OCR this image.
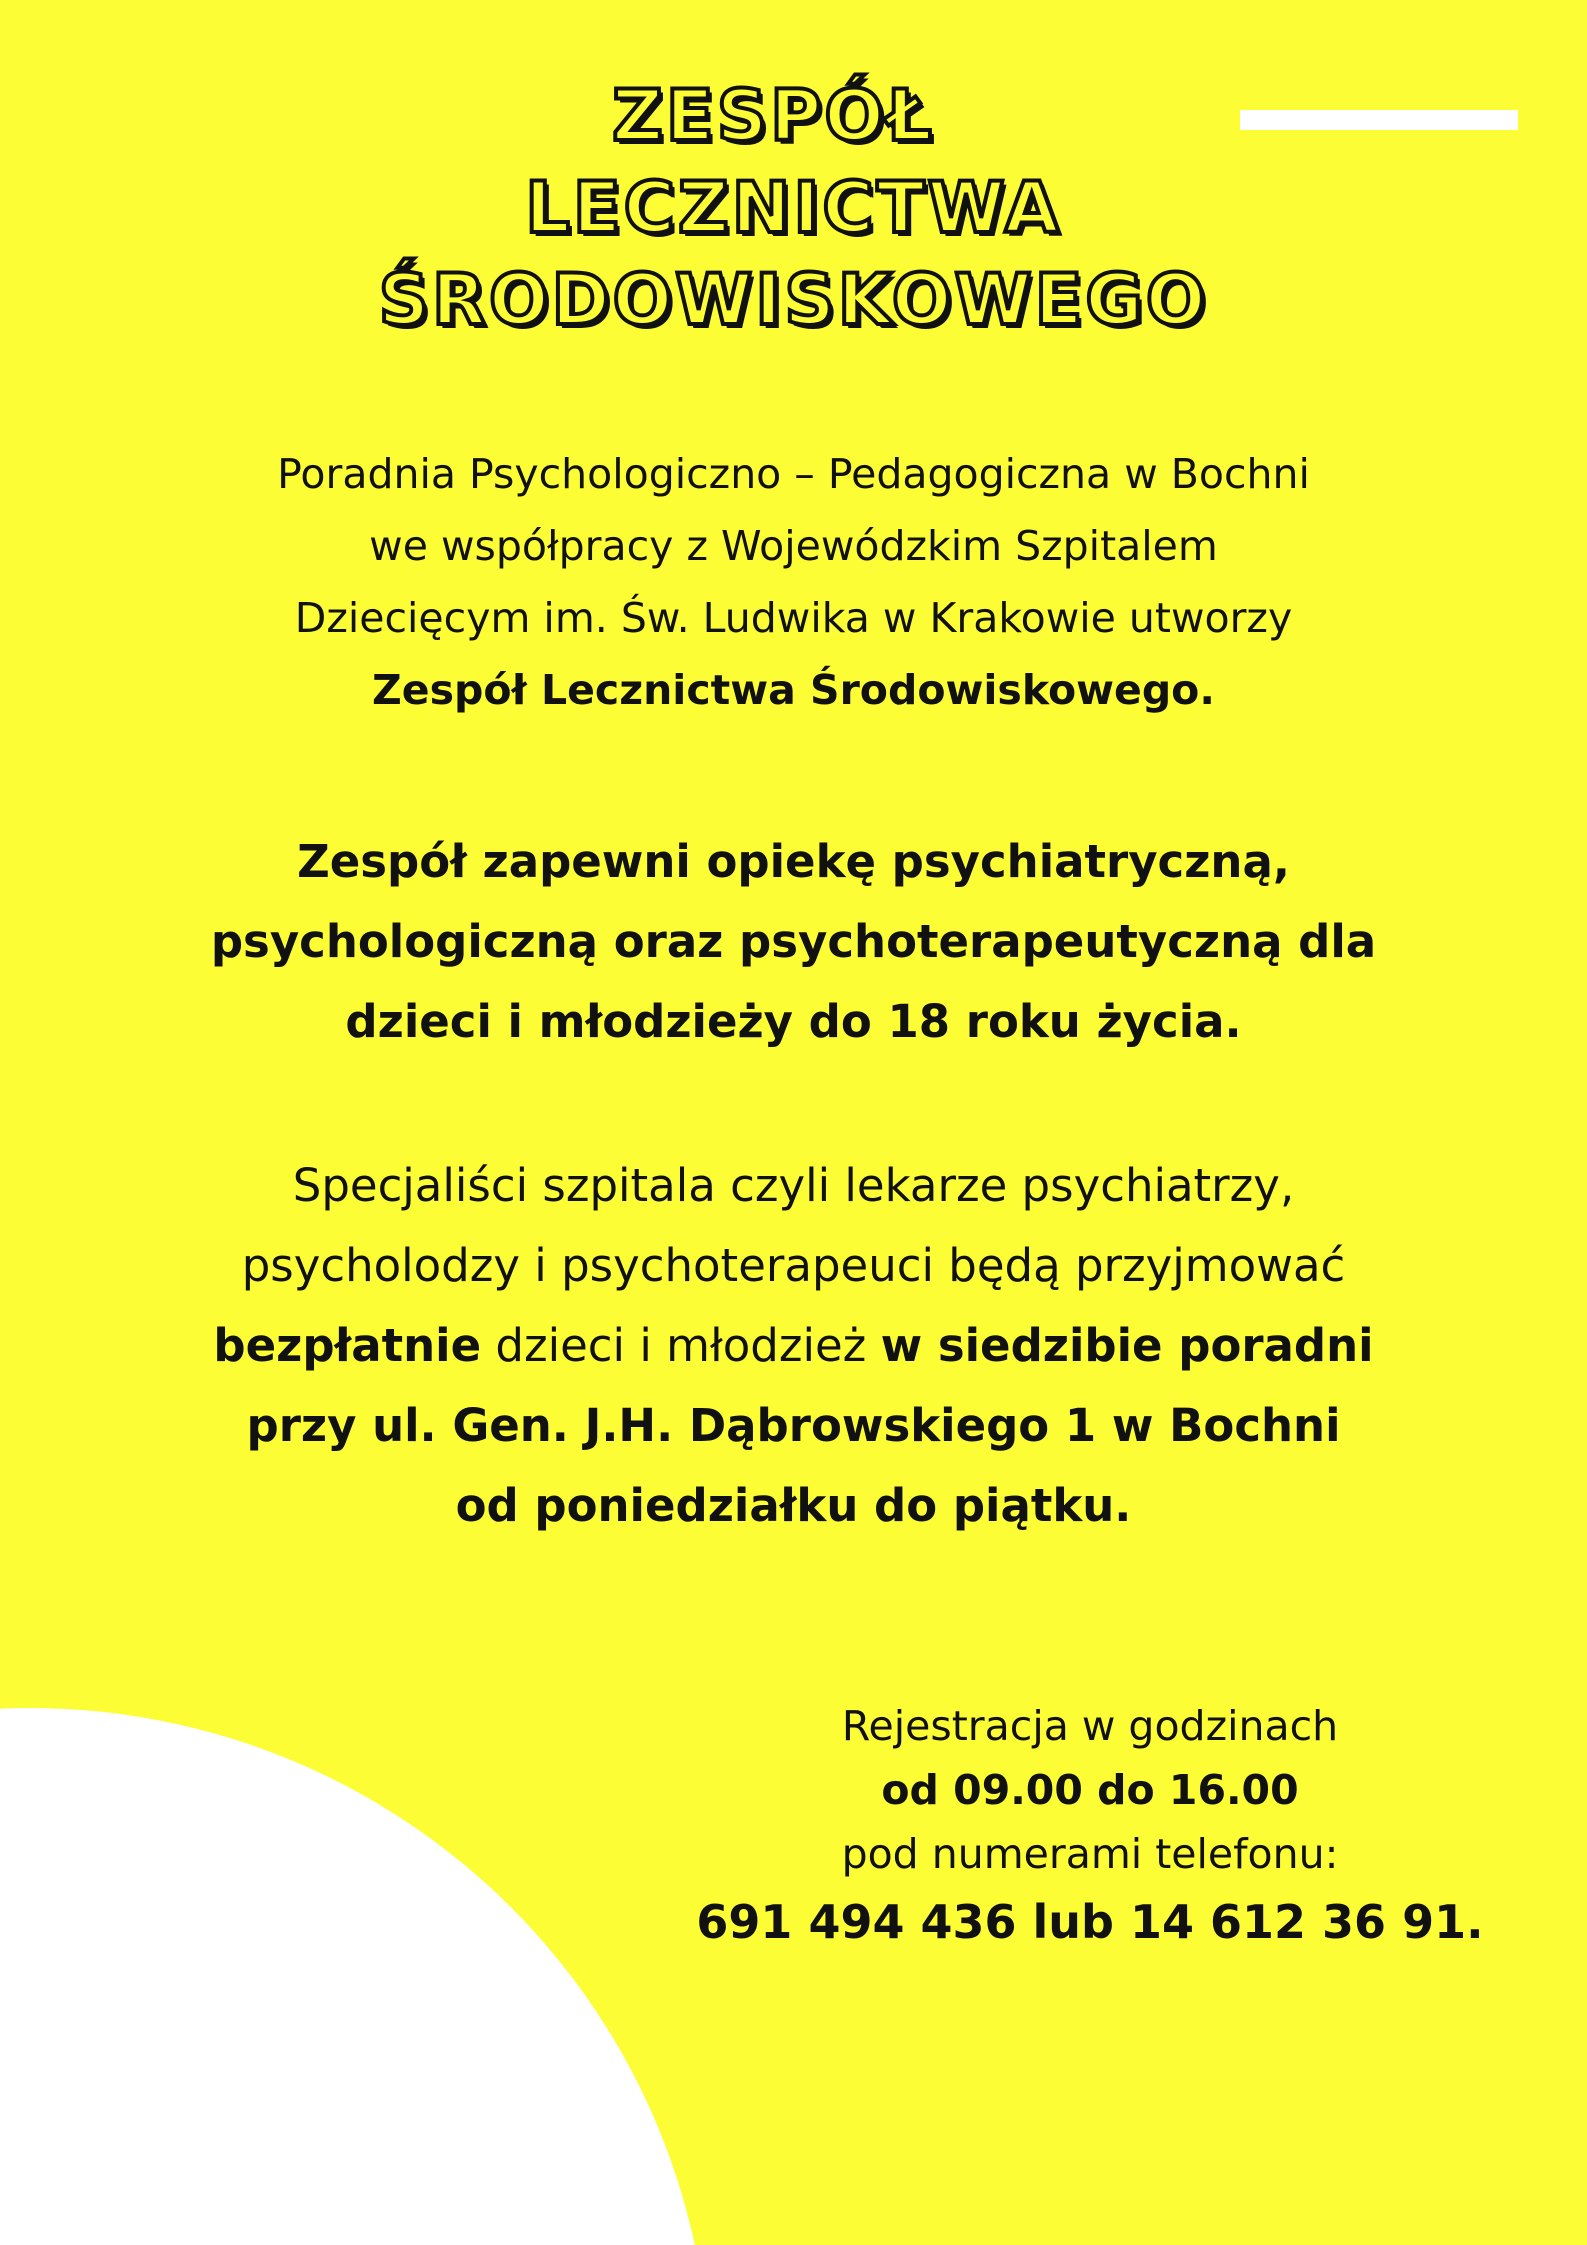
ZESPÓŁ
LECZNICTWA
ŚRODOWISKOWEGO
Poradnia Psychologiczno – Pedagogiczna w Bochni
we współpracy z Wojewódzkim Szpitalem
Dziecięcym im. Św. Ludwika w Krakowie utworzy
Zespół Lecznictwa Środowiskowego.
Zespół zapewni opiekę psychiatryczną,
psychologiczną oraz psychoterapeutyczną dla
dzieci i młodzieży do 18 roku życia.
Specjaliści szpitala czyli lekarze psychiatrzy,
psycholodzy i psychoterapeuci będą przyjmować
bezpłatnie dzieci i młodzież w siedzibie poradni
przy ul. Gen. J.H. Dąbrowskiego 1 w Bochni
od poniedziałku do piątku.
Rejestracja w godzinach
od 09.00 do 16.00
pod numerami telefonu:
691 494 436 lub 14 612 36 91.
